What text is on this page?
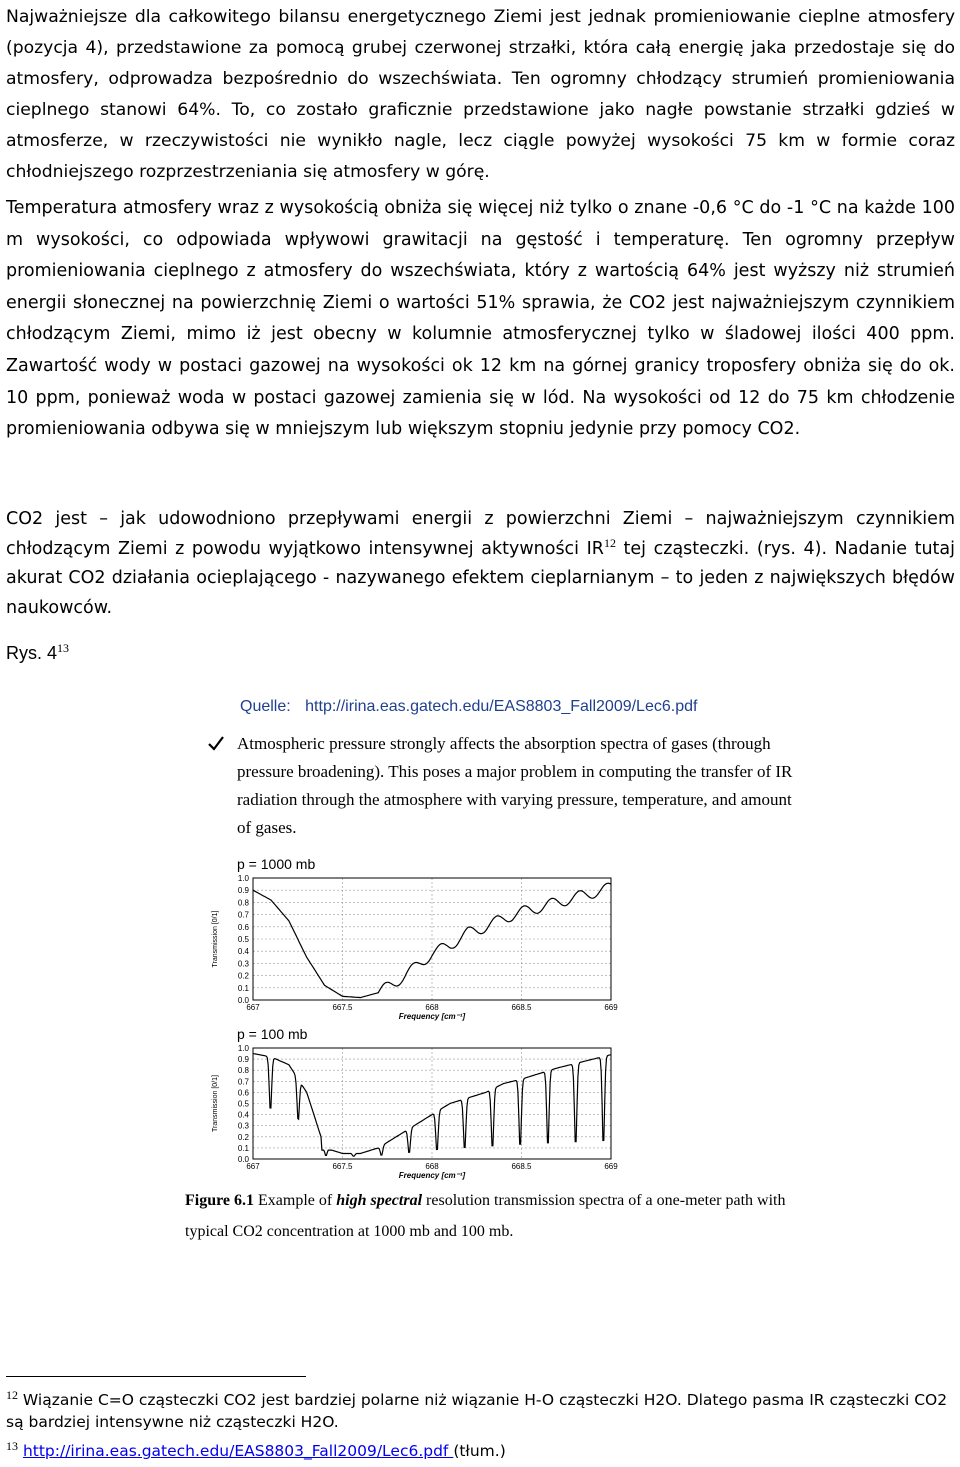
Najważniejsze dla całkowitego bilansu energetycznego Ziemi jest jednak promieniowanie cieplne atmosfery (pozycja 4), przedstawione za pomocą grubej czerwonej strzałki, która całą energię jaka przedostaje się do atmosfery, odprowadza bezpośrednio do wszechświata. Ten ogromny chłodzący strumień promieniowania cieplnego stanowi 64%. To, co zostało graficznie przedstawione jako nagłe powstanie strzałki gdzieś w atmosferze, w rzeczywistości nie wynikło nagle, lecz ciągle powyżej wysokości 75 km w formie coraz chłodniejszego rozprzestrzeniania się atmosfery w górę.
Temperatura atmosfery wraz z wysokością obniża się więcej niż tylko o znane -0,6 °C do -1 °C na każde 100 m wysokości, co odpowiada wpływowi grawitacji na gęstość i temperaturę. Ten ogromny przepływ promieniowania cieplnego z atmosfery do wszechświata, który z wartością 64% jest wyższy niż strumień energii słonecznej na powierzchnię Ziemi o wartości 51% sprawia, że CO2 jest najważniejszym czynnikiem chłodzącym Ziemi, mimo iż jest obecny w kolumnie atmosferycznej tylko w śladowej ilości 400 ppm. Zawartość wody w postaci gazowej na wysokości ok 12 km na górnej granicy troposfery obniża się do ok. 10 ppm, ponieważ woda w postaci gazowej zamienia się w lód. Na wysokości od 12 do 75 km chłodzenie promieniowania odbywa się w mniejszym lub większym stopniu jedynie przy pomocy CO2.
CO2 jest – jak udowodniono przepływami energii z powierzchni Ziemi – najważniejszym czynnikiem chłodzącym Ziemi z powodu wyjątkowo intensywnej aktywności IR$^{12}$ tej cząsteczki. (rys. 4). Nadanie tutaj akurat CO2 działania ocieplającego - nazywanego efektem cieplarnianym – to jeden z największych błędów naukowców.
Rys. $4^{13}$
Quelle: http://irina.eas.gatech.edu/EAS8803_Fall2009/Lec6.pdf
Atmospheric pressure strongly affects the absorption spectra of gases (through pressure broadening). This poses a major problem in computing the transfer of IR radiation through the atmosphere with varying pressure, temperature, and amount of gases.
p = 1000 mb
1.0
0.9
0.8
0.7
0.6
0.5
0.4
0.3
0.2
0.1
0.0
667	667.5	668	668.5	669
Frequency [cm⁻¹]
Transmission [0/1]
p = 100 mb
1.0
0.9
0.8
0.7
0.6
0.5
0.4
0.3
0.2
0.1
0.0
667	667.5	668	668.5	669
Frequency [cm⁻¹]
Transmission [0/1]
Figure 6.1 Example of high spectral resolution transmission spectra of a one-meter path with typical CO2 concentration at 1000 mb and 100 mb.
$^{12}$ Wiązanie C=O cząsteczki CO2 jest bardziej polarne niż wiązanie H-O cząsteczki H2O. Dlatego pasma IR cząsteczki CO2 są bardziej intensywne niż cząsteczki H2O.
$^{13}$ http://irina.eas.gatech.edu/EAS8803_Fall2009/Lec6.pdf (tłum.)
